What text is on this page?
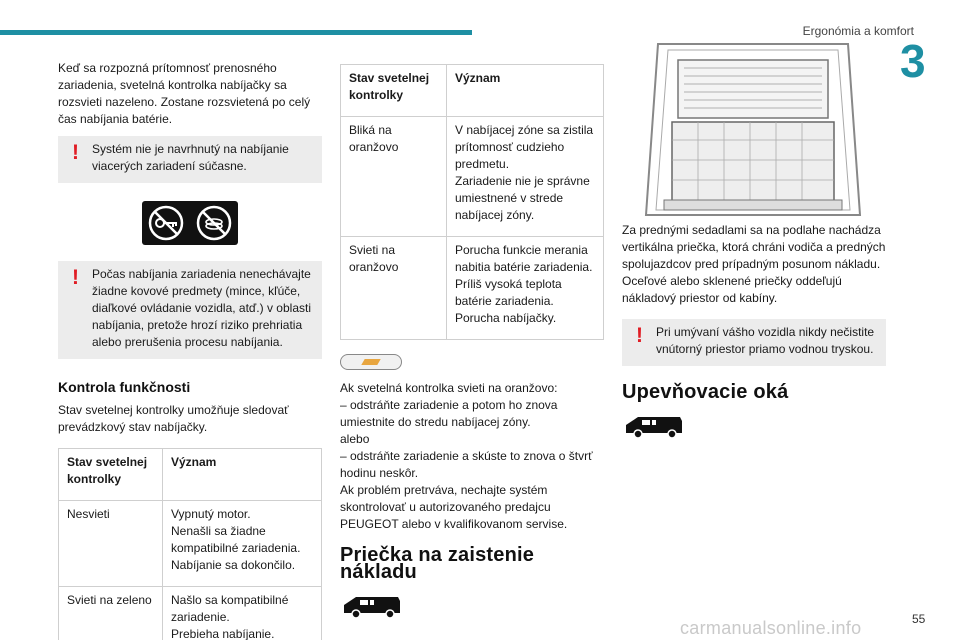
Ergonómia a komfort
3

Keď sa rozpozná prítomnosť prenosného zariadenia, svetelná kontrolka nabíjačky sa rozsvieti nazeleno. Zostane rozsvietená po celý čas nabíjania batérie.

! Systém nie je navrhnutý na nabíjanie viacerých zariadení súčasne.
! Počas nabíjania zariadenia nenechávajte žiadne kovové predmety (mince, kľúče, diaľkové ovládanie vozidla, atď.) v oblasti nabíjania, pretože hrozí riziko prehriatia alebo prerušenia procesu nabíjania.
Kontrola funkčnosti

Stav svetelnej kontrolky umožňuje sledovať prevádzkový stav nabíjačky.

Stav svetelnej kontrolky	Význam
Nesvieti	Vypnutý motor.
Nenašli sa žiadne kompatibilné zariadenia.
Nabíjanie sa dokončilo.
Svieti na zeleno	Našlo sa kompatibilné zariadenie.
Prebieha nabíjanie.
Stav svetelnej kontrolky	Význam
Bliká na oranžovo	V nabíjacej zóne sa zistila prítomnosť cudzieho predmetu.
Zariadenie nie je správne umiestnené v strede nabíjacej zóny.
Svieti na oranžovo	Porucha funkcie merania nabitia batérie zariadenia.
Príliš vysoká teplota batérie zariadenia.
Porucha nabíjačky.

Ak svetelná kontrolka svieti na oranžovo:
– odstráňte zariadenie a potom ho znova umiestnite do stredu nabíjacej zóny.
alebo
– odstráňte zariadenie a skúste to znova o štvrť hodinu neskôr.
Ak problém pretrváva, nechajte systém skontrolovať u autorizovaného predajcu PEUGEOT alebo v kvalifikovanom servise.

Priečka na zaistenie nákladu

Za prednými sedadlami sa na podlahe nachádza vertikálna priečka, ktorá chráni vodiča a predných spolujazdcov pred prípadným posunom nákladu.
Oceľové alebo sklenené priečky oddeľujú nákladový priestor od kabíny.

! Pri umývaní vášho vozidla nikdy nečistite vnútorný priestor priamo vodnou tryskou.
Upevňovacie oká
carmanualsonline.info	55
